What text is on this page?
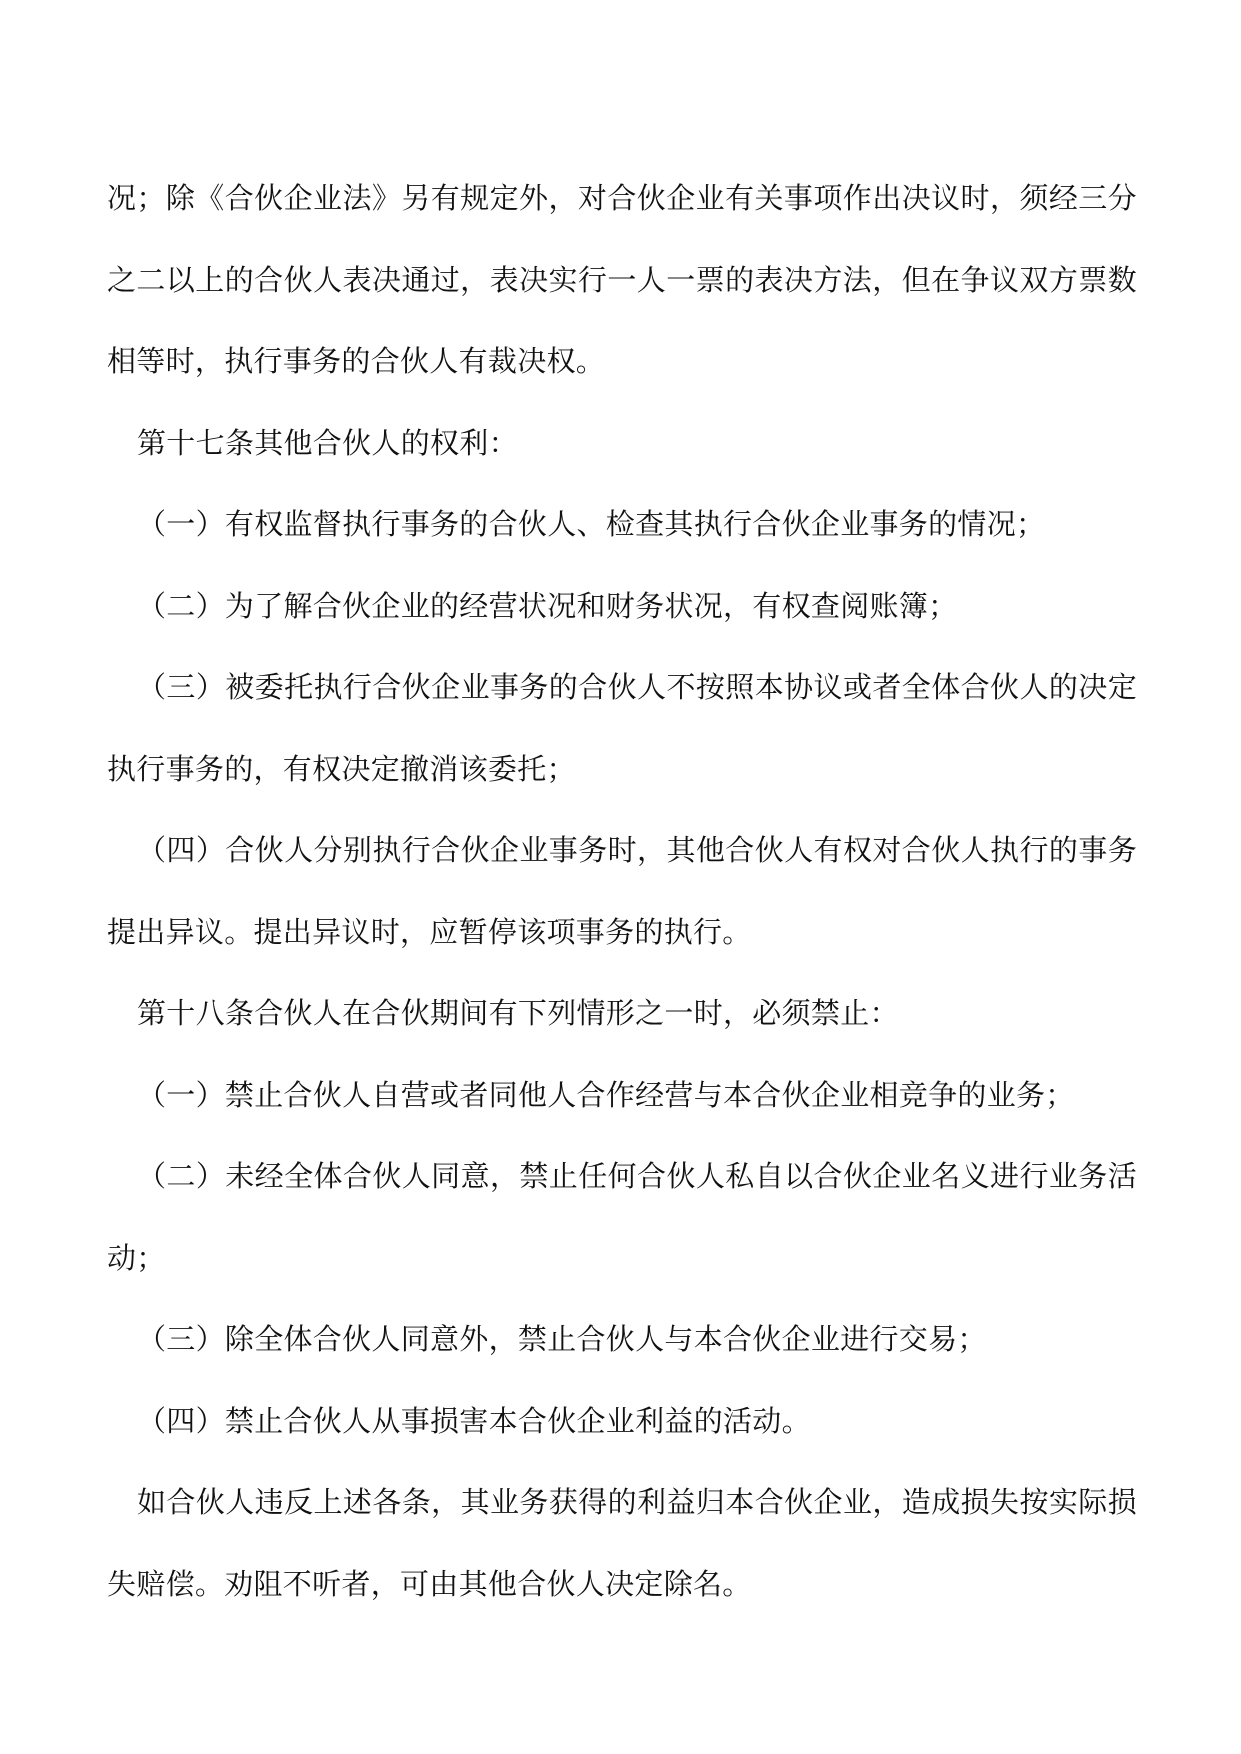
况；除《合伙企业法》另有规定外，对合伙企业有关事项作出决议时，须经三分之二以上的合伙人表决通过，表决实行一人一票的表决方法，但在争议双方票数相等时，执行事务的合伙人有裁决权。

第十七条其他合伙人的权利：

（一）有权监督执行事务的合伙人、检查其执行合伙企业事务的情况；

（二）为了解合伙企业的经营状况和财务状况，有权查阅账簿；

（三）被委托执行合伙企业事务的合伙人不按照本协议或者全体合伙人的决定执行事务的，有权决定撤消该委托；

（四）合伙人分别执行合伙企业事务时，其他合伙人有权对合伙人执行的事务提出异议。提出异议时，应暂停该项事务的执行。

第十八条合伙人在合伙期间有下列情形之一时，必须禁止：

（一）禁止合伙人自营或者同他人合作经营与本合伙企业相竞争的业务；

（二）未经全体合伙人同意，禁止任何合伙人私自以合伙企业名义进行业务活动；

（三）除全体合伙人同意外，禁止合伙人与本合伙企业进行交易；

（四）禁止合伙人从事损害本合伙企业利益的活动。

如合伙人违反上述各条，其业务获得的利益归本合伙企业，造成损失按实际损失赔偿。劝阻不听者，可由其他合伙人决定除名。
